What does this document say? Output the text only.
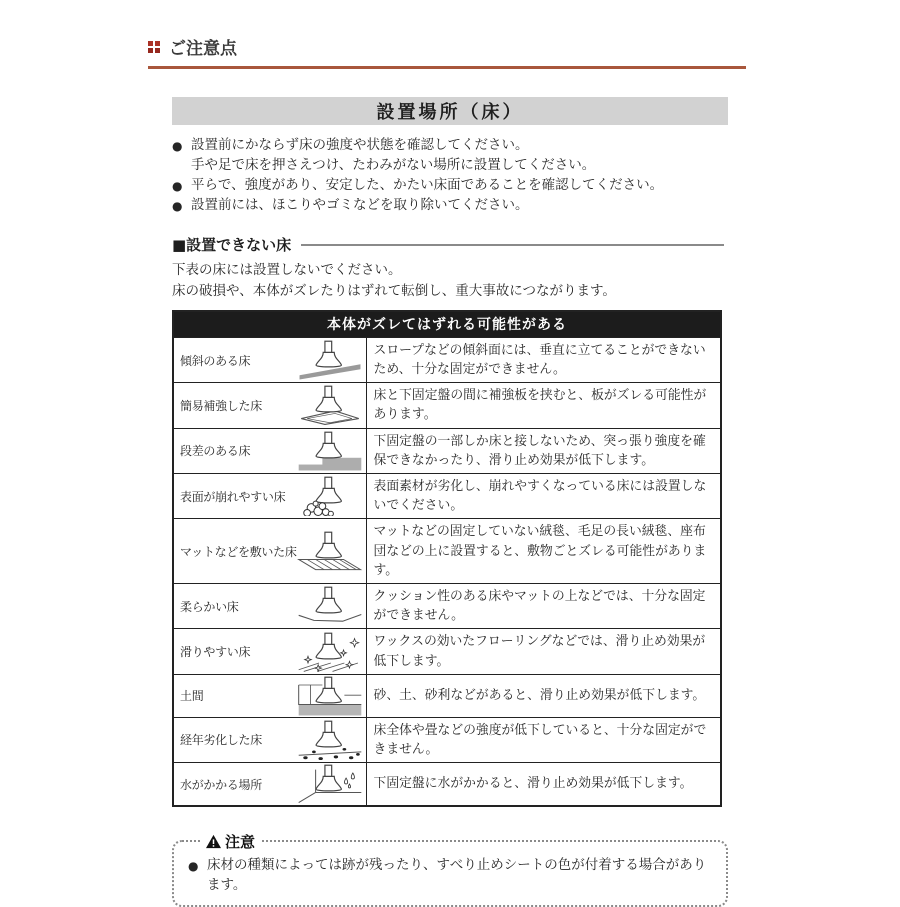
ご注意点
設置場所（床）
● 設置前にかならず床の強度や状態を確認してください。
手や足で床を押さえつけ、たわみがない場所に設置してください。
● 平らで、強度があり、安定した、かたい床面であることを確認してください。
● 設置前には、ほこりやゴミなどを取り除いてください。
■設置できない床
下表の床には設置しないでください。
床の破損や、本体がズレたりはずれて転倒し、重大事故につながります。
本体がズレてはずれる可能性がある	

傾斜のある床	スロープなどの傾斜面には、垂直に立てることができないため、十分な固定ができません。

簡易補強した床	床と下固定盤の間に補強板を挟むと、板がズレる可能性があります。

段差のある床	下固定盤の一部しか床と接しないため、突っ張り強度を確保できなかったり、滑り止め効果が低下します。

表面が崩れやすい床	表面素材が劣化し、崩れやすくなっている床には設置しないでください。

マットなどを敷いた床	マットなどの固定していない絨毯、毛足の長い絨毯、座布団などの上に設置すると、敷物ごとズレる可能性があります。

柔らかい床	クッション性のある床やマットの上などでは、十分な固定ができません。

滑りやすい床	ワックスの効いたフローリングなどでは、滑り止め効果が低下します。

土間	砂、土、砂利などがあると、滑り止め効果が低下します。

経年劣化した床	床全体や畳などの強度が低下していると、十分な固定ができません。

水がかかる場所	下固定盤に水がかかると、滑り止め効果が低下します。
注意
● 床材の種類によっては跡が残ったり、すべり止めシートの色が付着する場合があります。
